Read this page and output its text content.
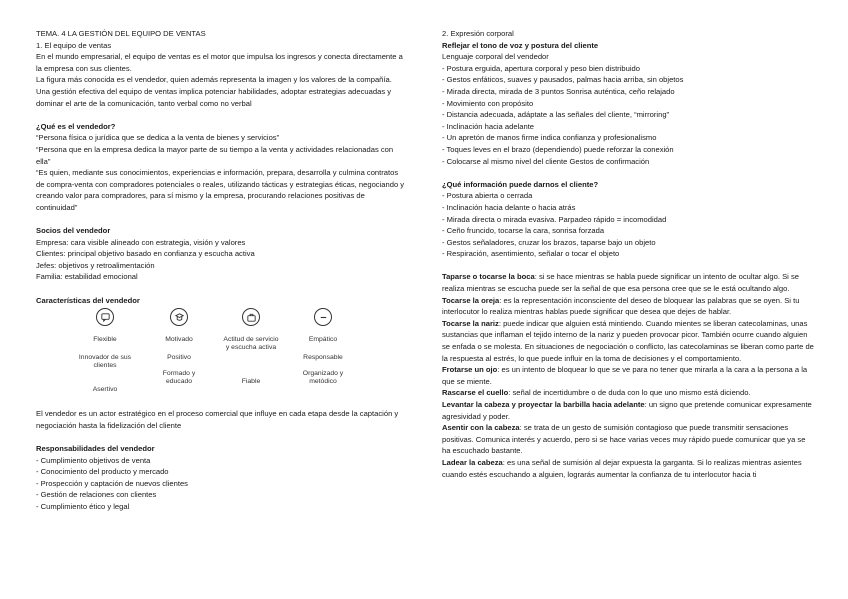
TEMA. 4 LA GESTIÓN DEL EQUIPO DE VENTAS

1. El equipo de ventas

En el mundo empresarial, el equipo de ventas es el motor que impulsa los ingresos y conecta directamente a la empresa con sus clientes.

La figura más conocida es el vendedor, quien además representa la imagen y los valores de la compañía.

Una gestión efectiva del equipo de ventas implica potenciar habilidades, adoptar estrategias adecuadas y dominar el arte de la comunicación, tanto verbal como no verbal

¿Qué es el vendedor?

“Persona física o jurídica que se dedica a la venta de bienes y servicios”

“Persona que en la empresa dedica la mayor parte de su tiempo a la venta y actividades relacionadas con ella”

“Es quien, mediante sus conocimientos, experiencias e información, prepara, desarrolla y culmina contratos de compra-venta con compradores potenciales o reales, utilizando tácticas y estrategias éticas, negociando y creando valor para compradores, para sí mismo y la empresa, procurando relaciones positivas de continuidad”

Socios del vendedor

Empresa: cara visible alineado con estrategia, visión y valores

Clientes: principal objetivo basado en confianza y escucha activa

Jefes: objetivos y retroalimentación

Familia: estabilidad emocional

Características del vendedor

Flexible
Innovador de sus clientes
Asertivo
Motivado
Positivo
Formado y educado
Actitud de servicio y escucha activa
Fiable
Empático
Responsable
Organizado y metódico

El vendedor es un actor estratégico en el proceso comercial que influye en cada etapa desde la captación y negociación hasta la fidelización del cliente

Responsabilidades del vendedor

- Cumplimiento objetivos de venta

- Conocimiento del producto y mercado

- Prospección y captación de nuevos clientes

- Gestión de relaciones con clientes

- Cumplimiento ético y legal

2. Expresión corporal

Reflejar el tono de voz y postura del cliente

Lenguaje corporal del vendedor

- Postura erguida, apertura corporal y peso bien distribuido

- Gestos enfáticos, suaves y pausados, palmas hacia arriba, sin objetos

- Mirada directa, mirada de 3 puntos Sonrisa auténtica, ceño relajado

- Movimiento con propósito

- Distancia adecuada, adáptate a las señales del cliente, “mirroring”

- Inclinación hacia adelante

- Un apretón de manos firme indica confianza y profesionalismo

- Toques leves en el brazo (dependiendo) puede reforzar la conexión

- Colocarse al mismo nivel del cliente Gestos de confirmación

¿Qué información puede darnos el cliente?

- Postura abierta o cerrada

- Inclinación hacia delante o hacia atrás

- Mirada directa o mirada evasiva. Parpadeo rápido = incomodidad

- Ceño fruncido, tocarse la cara, sonrisa forzada

- Gestos señaladores, cruzar los brazos, taparse bajo un objeto

- Respiración, asentimiento, señalar o tocar el objeto

Taparse o tocarse la boca: si se hace mientras se habla puede significar un intento de ocultar algo. Si se realiza mientras se escucha puede ser la señal de que esa persona cree que se le está ocultando algo.

Tocarse la oreja: es la representación inconsciente del deseo de bloquear las palabras que se oyen. Si tu interlocutor lo realiza mientras hablas puede significar que desea que dejes de hablar.

Tocarse la nariz: puede indicar que alguien está mintiendo. Cuando mientes se liberan catecolaminas, unas sustancias que inflaman el tejido interno de la nariz y pueden provocar picor. También ocurre cuando alguien se enfada o se molesta. En situaciones de negociación o conflicto, las catecolaminas se liberan como parte de la respuesta al estrés, lo que puede influir en la toma de decisiones y el comportamiento.

Frotarse un ojo: es un intento de bloquear lo que se ve para no tener que mirarla a la cara a la persona a la que se miente.

Rascarse el cuello: señal de incertidumbre o de duda con lo que uno mismo está diciendo.

Levantar la cabeza y proyectar la barbilla hacia adelante: un signo que pretende comunicar expresamente agresividad y poder.

Asentir con la cabeza: se trata de un gesto de sumisión contagioso que puede transmitir sensaciones positivas. Comunica interés y acuerdo, pero si se hace varias veces muy rápido puede comunicar que ya se ha escuchado bastante.

Ladear la cabeza: es una señal de sumisión al dejar expuesta la garganta. Si lo realizas mientras asientes cuando estés escuchando a alguien, lograrás aumentar la confianza de tu interlocutor hacia ti
